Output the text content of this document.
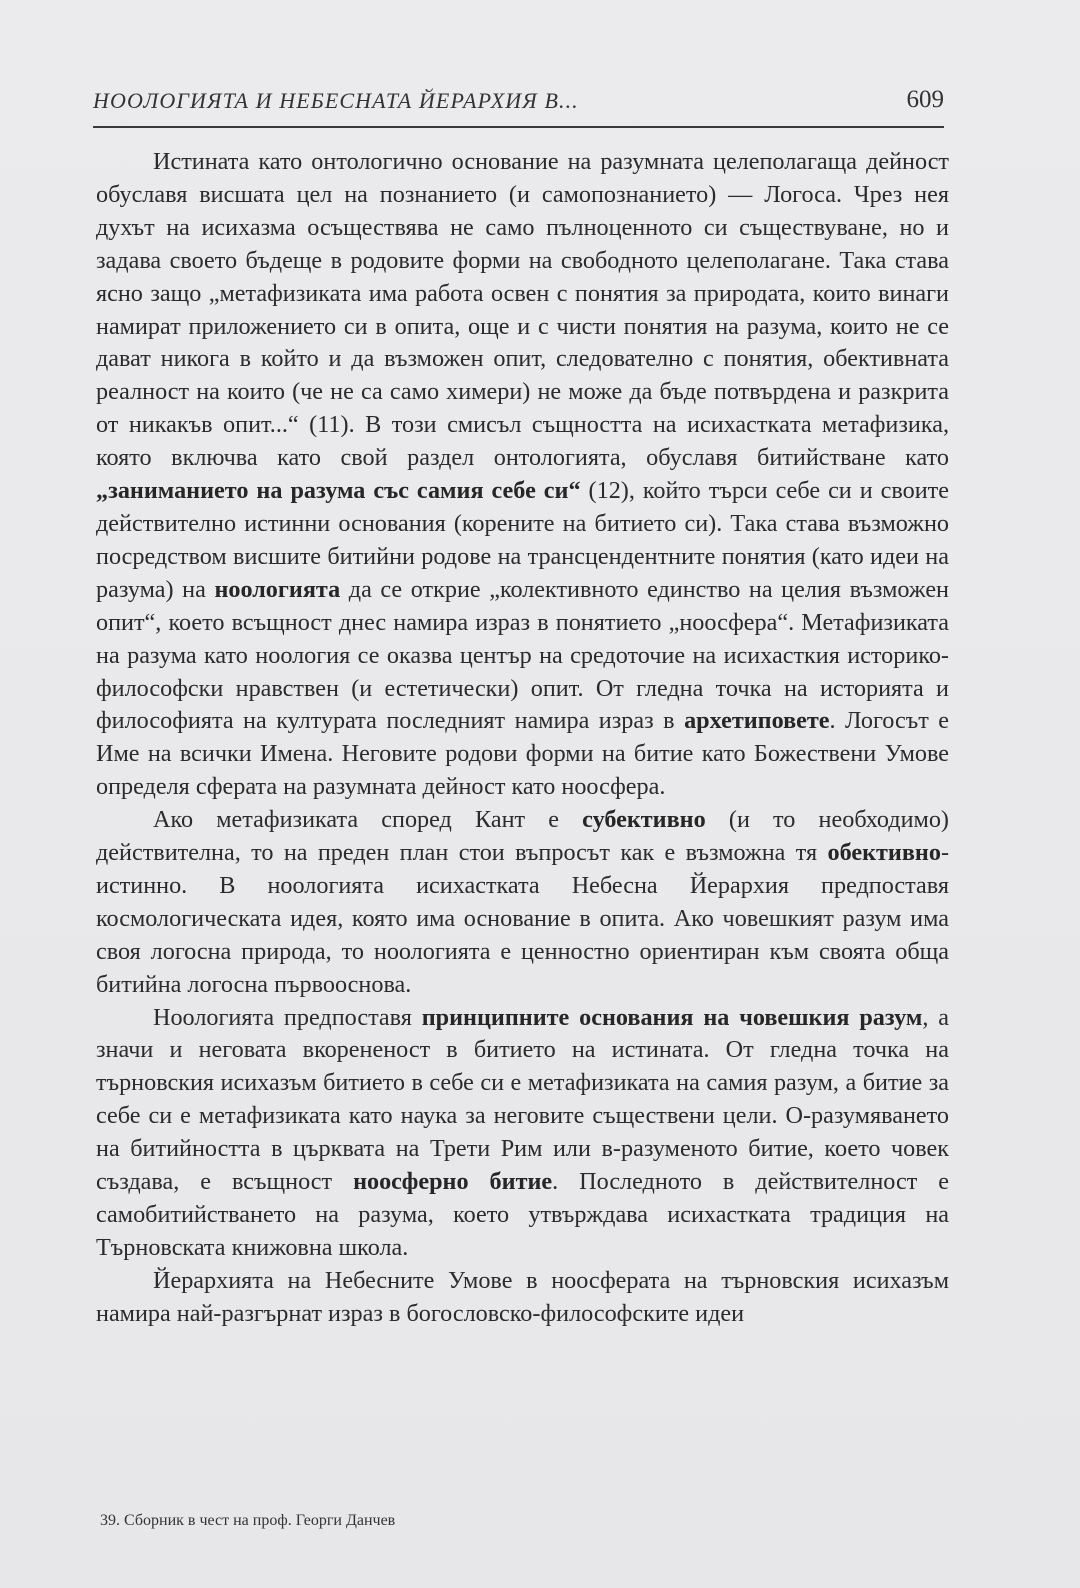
НООЛОГИЯТА И НЕБЕСНАТА ЙЕРАРХИЯ В...	609

Истината като онтологично основание на разумната целеполагаща дейност обуславя висшата цел на познанието (и самопознанието) — Логоса. Чрез нея духът на исихазма осъществява не само пълноценното си съществуване, но и задава своето бъдеще в родовите форми на свободното целеполагане. Така става ясно защо „метафизиката има работа освен с понятия за природата, които винаги намират приложението си в опита, още и с чисти понятия на разума, които не се дават никога в който и да възможен опит, следователно с понятия, обективната реалност на които (че не са само химери) не може да бъде потвърдена и разкрита от никакъв опит...“ (11). В този смисъл същността на исихасткaта метафизика, която включва като свой раздел онтологията, обуславя битийстване като „заниманието на разума със самия себе си“ (12), който търси себе си и своите действително истинни основания (корените на битието си). Така става възможно посредством висшите битийни родове на трансцендентните понятия (като идеи на разума) на ноологията да се открие „колективното единство на целия възможен опит“, което всъщност днес намира израз в понятието „ноосфера“. Метафизиката на разума като ноология се оказва център на средоточие на исихасткия историко-философски нравствен (и естетически) опит. От гледна точка на историята и философията на културата последният намира израз в архетиповете. Логосът е Име на всички Имена. Неговите родови форми на битие като Божествени Умове определя сферата на разумната дейност като ноосфера.

Ако метафизиката според Кант е субективно (и то необходимо) действителна, то на преден план стои въпросът как е възможна тя обективно-истинно. В ноологията исихастката Небесна Йерархия предпоставя космологическата идея, която има основание в опита. Ако човешкият разум има своя логосна природа, то ноологията е ценностно ориентиран към своята обща битийна логосна първооснова.

Ноологията предпоставя принципните основания на човешкия разум, а значи и неговата вкорененост в битието на истината. От гледна точка на търновския исихазъм битието в себе си е метафизиката на самия разум, а битие за себе си е метафизиката като наука за неговите съществени цели. О-разумяването на битийността в църквата на Трети Рим или в-разуменото битие, което човек създава, е всъщност ноосферно битие. Последното в действителност е самобитийстването на разума, което утвърждава исихастката традиция на Търновската книжовна школа.

Йерархията на Небесните Умове в ноосферата на търновския исихазъм намира най-разгърнат израз в богословско-философските идеи

39. Сборник в чест на проф. Георги Данчев
